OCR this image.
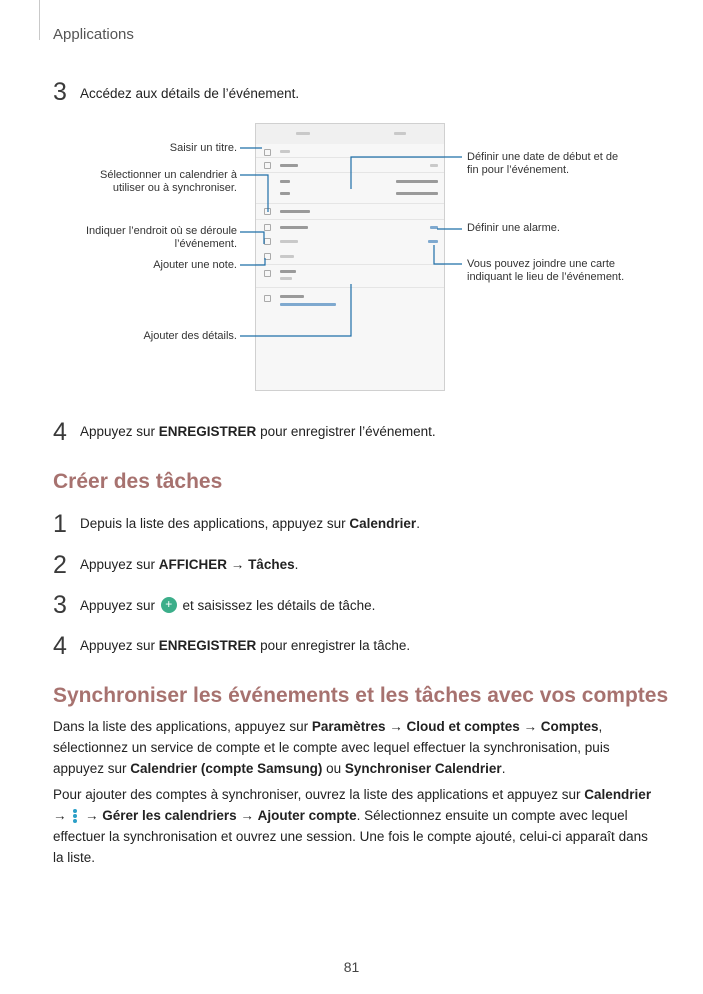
Applications
3 Accédez aux détails de l’événement.
Saisir un titre.
Sélectionner un calendrier à
utiliser ou à synchroniser.
Indiquer l’endroit où se déroule
l’événement.
Ajouter une note.
Ajouter des détails.
Définir une date de début et de
fin pour l’événement.
Définir une alarme.
Vous pouvez joindre une carte
indiquant le lieu de l’événement.
4 Appuyez sur ENREGISTRER pour enregistrer l’événement.
Créer des tâches
1 Depuis la liste des applications, appuyez sur Calendrier.
2 Appuyez sur AFFICHER → Tâches.
3 Appuyez sur + et saisissez les détails de tâche.
4 Appuyez sur ENREGISTRER pour enregistrer la tâche.
Synchroniser les événements et les tâches avec vos comptes
Dans la liste des applications, appuyez sur Paramètres → Cloud et comptes → Comptes, sélectionnez un service de compte et le compte avec lequel effectuer la synchronisation, puis appuyez sur Calendrier (compte Samsung) ou Synchroniser Calendrier.
Pour ajouter des comptes à synchroniser, ouvrez la liste des applications et appuyez sur Calendrier →
→ Gérer les calendriers → Ajouter compte. Sélectionnez ensuite un compte avec lequel effectuer la synchronisation et ouvrez une session. Une fois le compte ajouté, celui-ci apparaît dans la liste.
81
